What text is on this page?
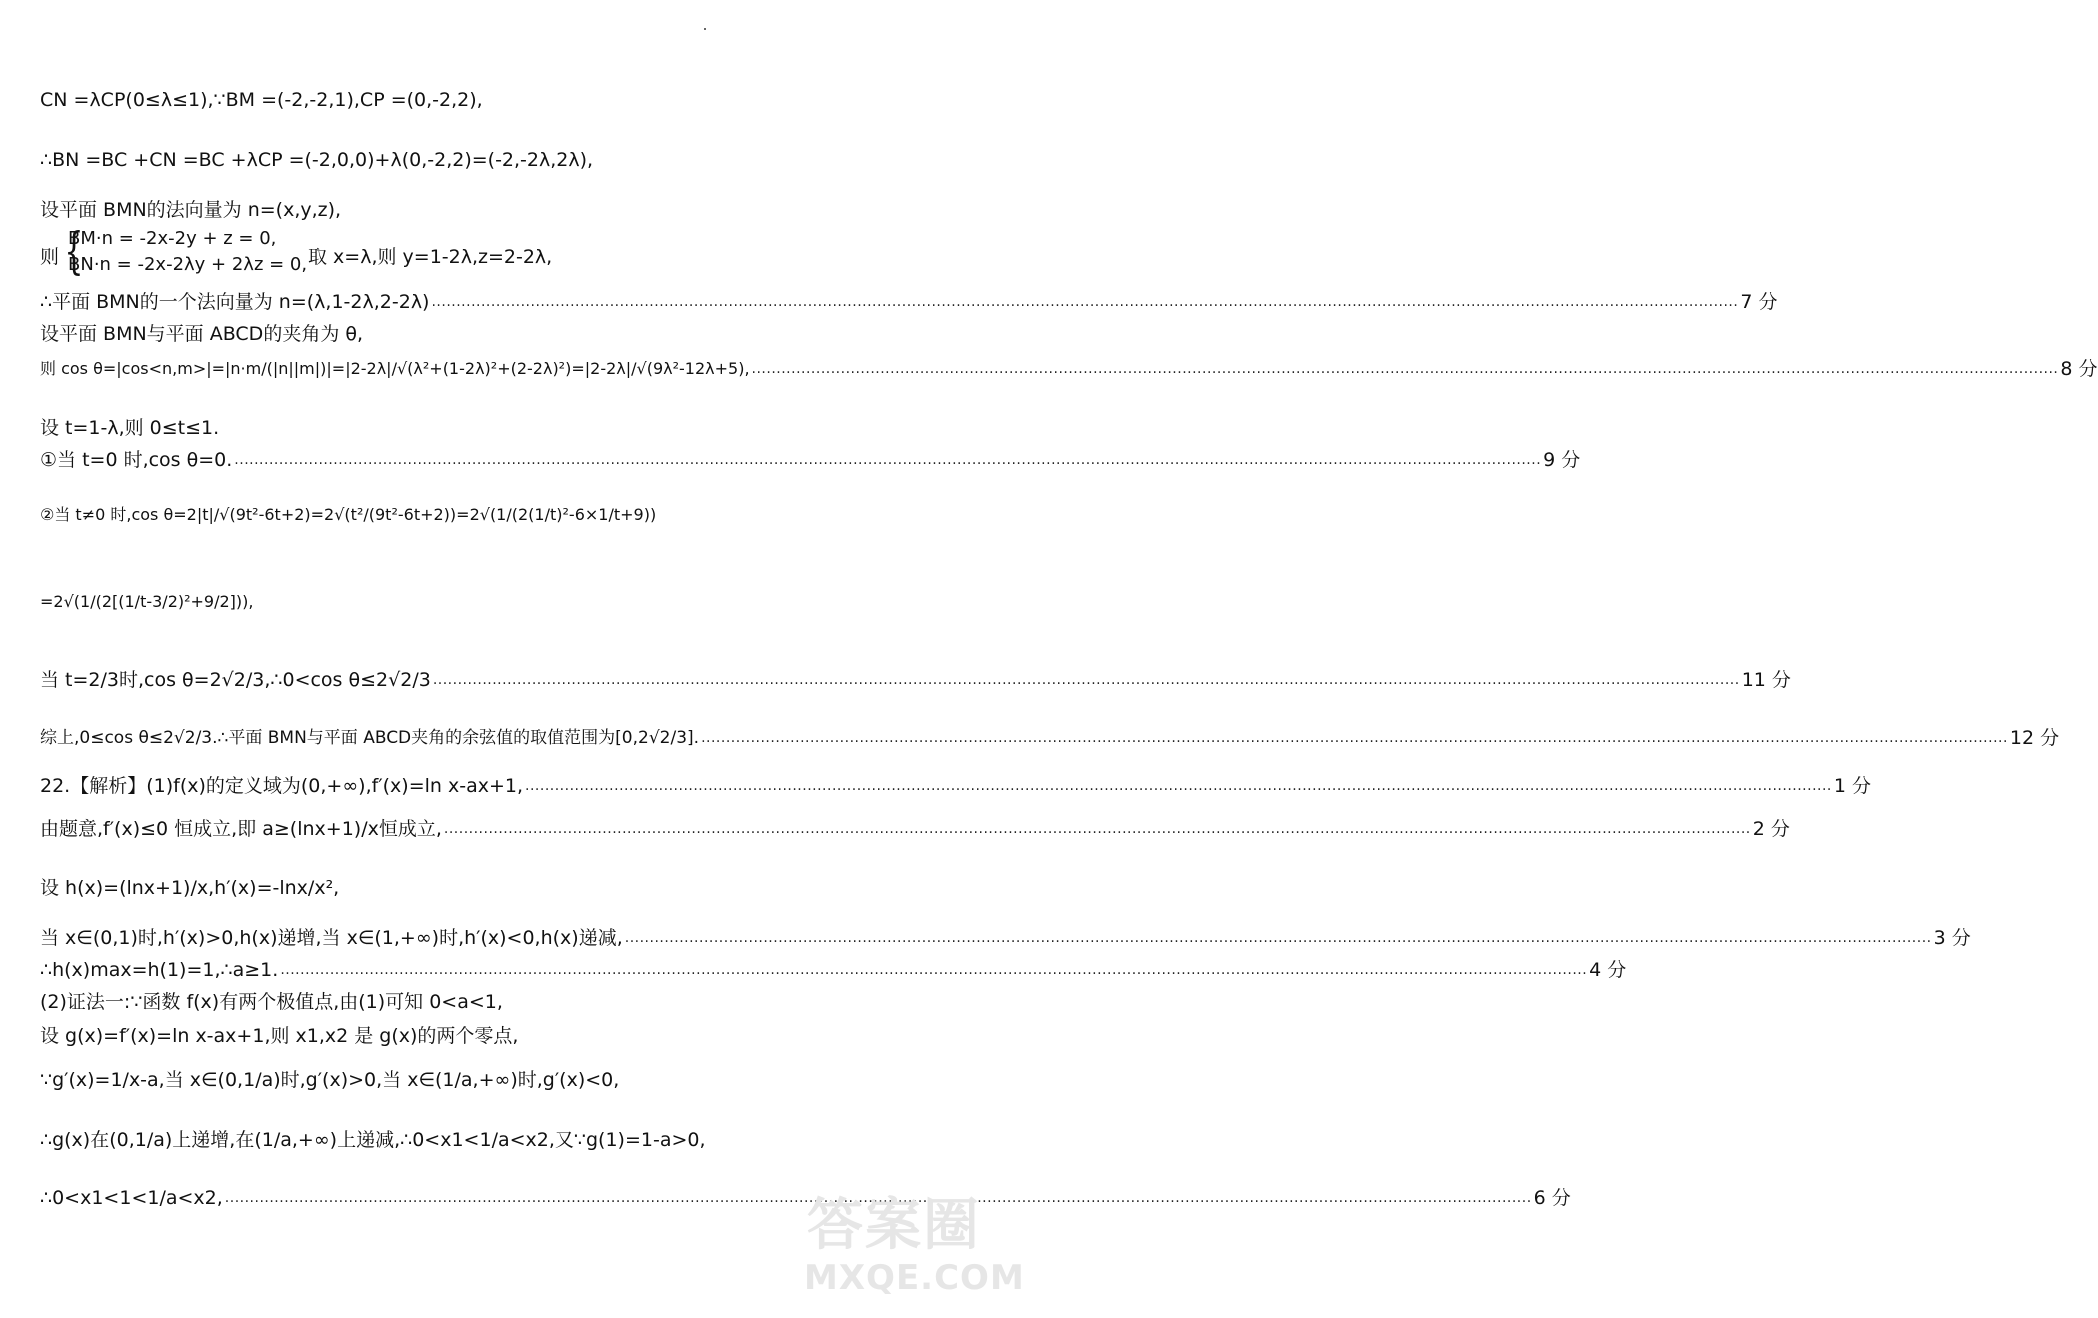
CN =λCP(0≤λ≤1),∵BM =(-2,-2,1),CP =(0,-2,2),
∴BN =BC +CN =BC +λCP =(-2,0,0)+λ(0,-2,2)=(-2,-2λ,2λ),
设平面 BMN的法向量为 n=(x,y,z),
则 {
BM·n = -2x-2y + z = 0,
BN·n = -2x-2λy + 2λz = 0, 取 x=λ,则 y=1-2λ,z=2-2λ,
∴平面 BMN的一个法向量为 n=(λ,1-2λ,2-2λ) .....	7 分
设平面 BMN与平面 ABCD的夹角为 θ,
则 cos θ=|cos<n,m>|=|n·m/(|n||m|)|=|2-2λ|/√(λ²+(1-2λ)²+(2-2λ)²)=|2-2λ|/√(9λ²-12λ+5), .....	8 分
设 t=1-λ,则 0≤t≤1.
①当 t=0 时,cos θ=0. .....	9 分
②当 t≠0 时,cos θ=2|t|/√(9t²-6t+2)=2√(t²/(9t²-6t+2))=2√(1/(2(1/t)²-6×1/t+9))
=2√(1/(2[(1/t-3/2)²+9/2])),
当 t=2/3时,cos θ=2√2/3,∴0<cos θ≤2√2/3 .....	11 分
综上,0≤cos θ≤2√2/3.∴平面 BMN与平面 ABCD夹角的余弦值的取值范围为[0,2√2/3]. .....	12 分
22.【解析】(1)f(x)的定义域为(0,+∞),f′(x)=ln x-ax+1, .....	1 分
由题意,f′(x)≤0 恒成立,即 a≥(lnx+1)/x恒成立, .....	2 分
设 h(x)=(lnx+1)/x,h′(x)=-lnx/x²,
当 x∈(0,1)时,h′(x)>0,h(x)递增,当 x∈(1,+∞)时,h′(x)<0,h(x)递减, .....	3 分
∴h(x)max=h(1)=1,∴a≥1. .....	4 分
(2)证法一:∵函数 f(x)有两个极值点,由(1)可知 0<a<1,
设 g(x)=f′(x)=ln x-ax+1,则 x1,x2 是 g(x)的两个零点,
∵g′(x)=1/x-a,当 x∈(0,1/a)时,g′(x)>0,当 x∈(1/a,+∞)时,g′(x)<0,
∴g(x)在(0,1/a)上递增,在(1/a,+∞)上递减,∴0<x1<1/a<x2,又∵g(1)=1-a>0,
∴0<x1<1<1/a<x2, .....	6 分
答案圈
MXQE.COM
